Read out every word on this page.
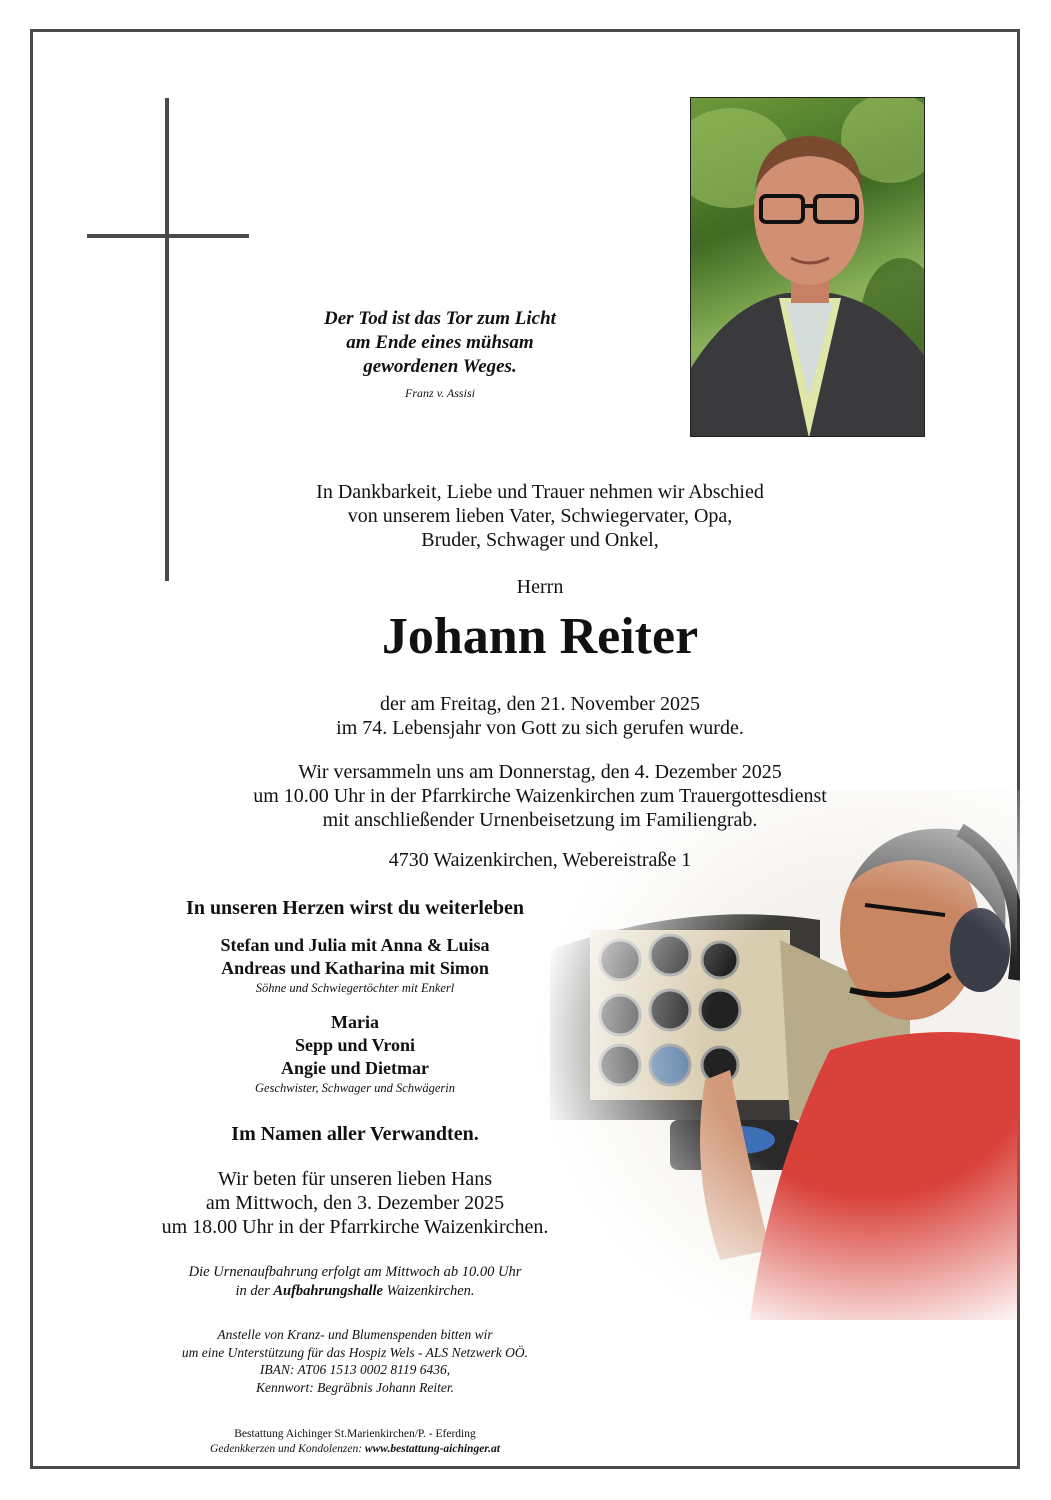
Der Tod ist das Tor zum Licht
am Ende eines mühsam
gewordenen Weges.
Franz v. Assisi
In Dankbarkeit, Liebe und Trauer nehmen wir Abschied
von unserem lieben Vater, Schwiegervater, Opa,
Bruder, Schwager und Onkel,
Herrn
Johann Reiter
der am Freitag, den 21. November 2025
im 74. Lebensjahr von Gott zu sich gerufen wurde.
Wir versammeln uns am Donnerstag, den 4. Dezember 2025
um 10.00 Uhr in der Pfarrkirche Waizenkirchen zum Trauergottesdienst
mit anschließender Urnenbeisetzung im Familiengrab.
4730 Waizenkirchen, Webereistraße 1
In unseren Herzen wirst du weiterleben
Stefan und Julia mit Anna & Luisa
Andreas und Katharina mit Simon
Söhne und Schwiegertöchter mit Enkerl
Maria
Sepp und Vroni
Angie und Dietmar
Geschwister, Schwager und Schwägerin
Im Namen aller Verwandten.
Wir beten für unseren lieben Hans
am Mittwoch, den 3. Dezember 2025
um 18.00 Uhr in der Pfarrkirche Waizenkirchen.
Die Urnenaufbahrung erfolgt am Mittwoch ab 10.00 Uhr
in der Aufbahrungshalle Waizenkirchen.
Anstelle von Kranz- und Blumenspenden bitten wir
um eine Unterstützung für das Hospiz Wels - ALS Netzwerk OÖ.
IBAN: AT06 1513 0002 8119 6436,
Kennwort: Begräbnis Johann Reiter.
Bestattung Aichinger St.Marienkirchen/P. - Eferding
Gedenkkerzen und Kondolenzen: www.bestattung-aichinger.at
